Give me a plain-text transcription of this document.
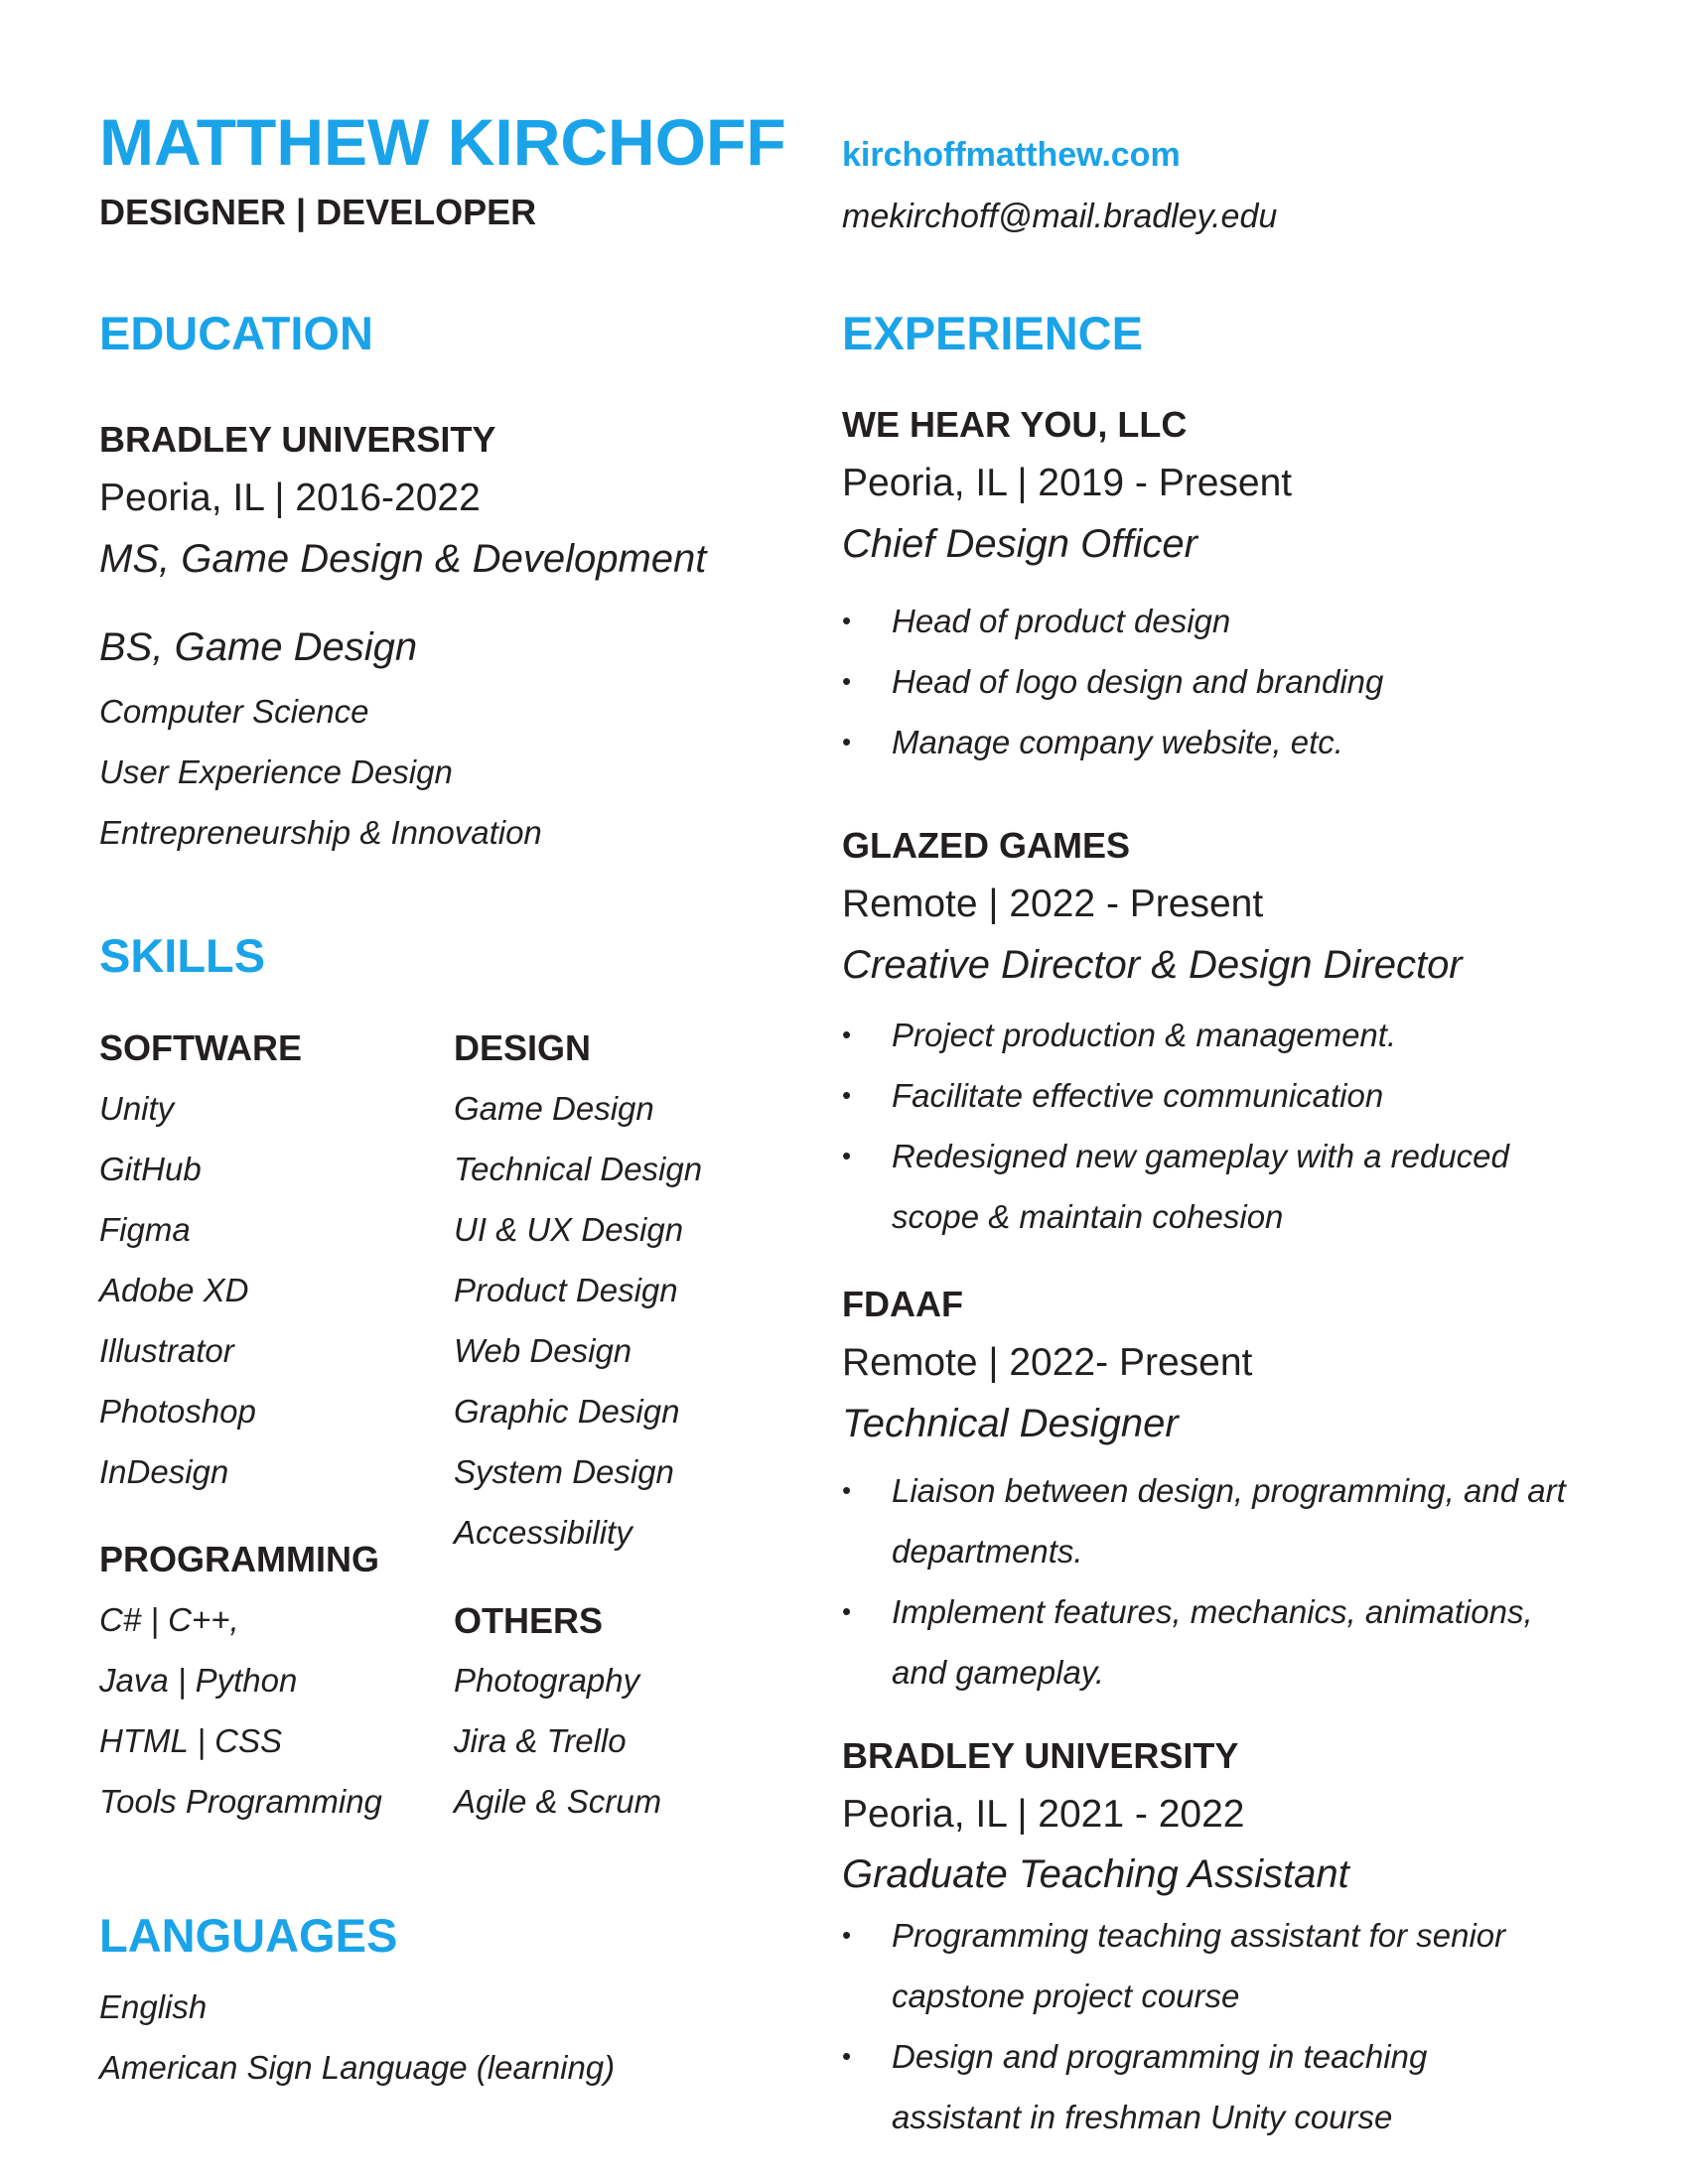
MATTHEW KIRCHOFF
DESIGNER | DEVELOPER
EDUCATION
BRADLEY UNIVERSITY
Peoria, IL | 2016-2022
MS, Game Design & Development
BS, Game Design
Computer Science
User Experience Design
Entrepreneurship & Innovation
SKILLS
SOFTWARE
Unity
GitHub
Figma
Adobe XD
Illustrator
Photoshop
InDesign
PROGRAMMING
C# | C++,
Java | Python
HTML | CSS
Tools Programming
DESIGN
Game Design
Technical Design
UI & UX Design
Product Design
Web Design
Graphic Design
System Design
Accessibility
OTHERS
Photography
Jira & Trello
Agile & Scrum
LANGUAGES
English
American Sign Language (learning)
kirchoffmatthew.com
mekirchoff@mail.bradley.edu
EXPERIENCE
WE HEAR YOU, LLC
Peoria, IL | 2019 - Present
Chief Design Officer
• Head of product design
• Head of logo design and branding
• Manage company website, etc.
GLAZED GAMES
Remote | 2022 - Present
Creative Director & Design Director
• Project production & management.
• Facilitate effective communication
• Redesigned new gameplay with a reduced scope & maintain cohesion
FDAAF
Remote | 2022- Present
Technical Designer
• Liaison between design, programming, and art departments.
• Implement features, mechanics, animations, and gameplay.
BRADLEY UNIVERSITY
Peoria, IL | 2021 - 2022
Graduate Teaching Assistant
• Programming teaching assistant for senior capstone project course
• Design and programming in teaching assistant in freshman Unity course
